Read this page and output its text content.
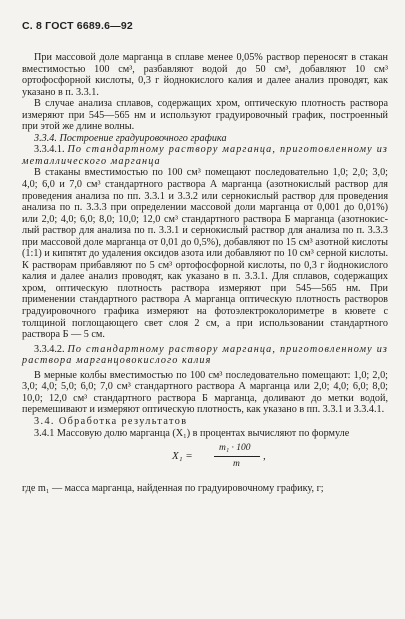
С. 8 ГОСТ 6689.6—92

При массовой доле марганца в сплаве менее 0,05% раствор переносят в стакан вместимостью 100 см³, разбавляют водой до 50 см³, добавляют 10 см³ ортофосфорной кислоты, 0,3 г йоднокислого калия и далее анализ проводят, как указано в п. 3.3.1.

В случае анализа сплавов, содержащих хром, оптическую плотность раствора измеряют при 545—565 нм и используют градуировочный график, построенный при этой же длине волны.

3.3.4. Построение градуировочного графика

3.3.4.1. По стандартному раствору марганца, приготовленному из металлического марганца

В стаканы вместимостью по 100 см³ помещают последовательно 1,0; 2,0; 3,0; 4,0; 6,0 и 7,0 см³ стандартного раствора А марганца (азотнокислый раствор для проведения анализа по пп. 3.3.1 и 3.3.2 или сернокислый раствор для проведения анализа по п. 3.3.3 при определении массовой доли марганца от 0,001 до 0,01%) или 2,0; 4,0; 6,0; 8,0; 10,0; 12,0 см³ стандартного раствора Б марганца (азотнокислый раствор для анализа по п. 3.3.1 и сернокислый раствор для анализа по п. 3.3.3 при массовой доле марганца от 0,01 до 0,5%), добавляют по 15 см³ азотной кислоты (1:1) и кипятят до удаления оксидов азота или добавляют по 10 см³ серной кислоты. К растворам прибавляют по 5 см³ ортофосфорной кислоты, по 0,3 г йоднокислого калия и далее анализ проводят, как указано в п. 3.3.1. Для сплавов, содержащих хром, оптическую плотность раствора измеряют при 545—565 нм. При применении стандартного раствора А марганца оптическую плотность растворов градуировочного графика измеряют на фотоэлектроколориметре в кювете с толщиной поглощающего свет слоя 2 см, а при использовании стандартного раствора Б — 5 см.

3.3.4.2. По стандартному раствору марганца, приготовленному из раствора марганцовокислого калия

В мерные колбы вместимостью по 100 см³ последовательно помещают: 1,0; 2,0; 3,0; 4,0; 5,0; 6,0; 7,0 см³ стандартного раствора А марганца или 2,0; 4,0; 6,0; 8,0; 10,0; 12,0 см³ стандартного раствора Б марганца, доливают до метки водой, перемешивают и измеряют оптическую плотность, как указано в пп. 3.3.1 и 3.3.4.1.

3.4. Обработка результатов

3.4.1 Массовую долю марганца (X₁) в процентах вычисляют по формуле

X₁ =
m₁ · 100
m
,

где m₁ — масса марганца, найденная по градуировочному графику, г;
